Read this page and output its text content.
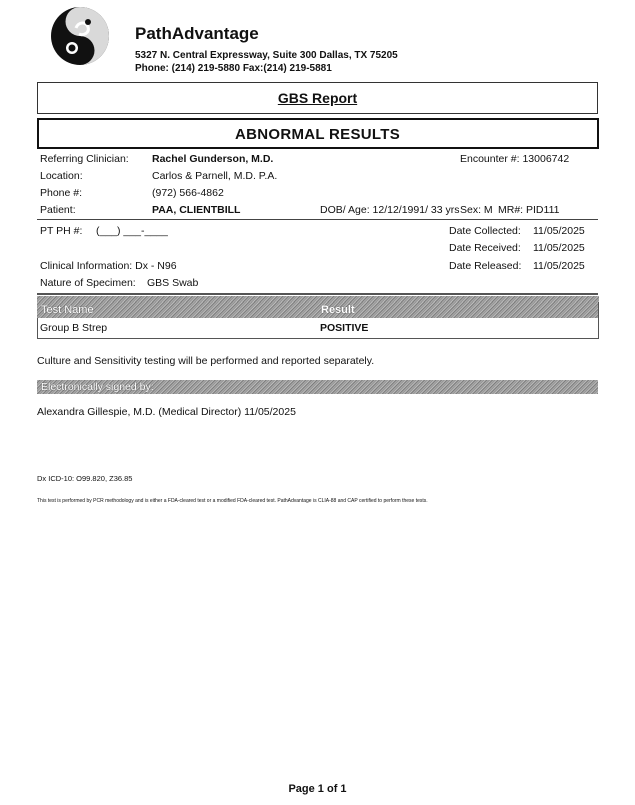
PathAdvantage
5327 N. Central Expressway, Suite 300 Dallas, TX 75205
Phone: (214) 219-5880 Fax:(214) 219-5881
GBS Report
ABNORMAL RESULTS
Referring Clinician: Rachel Gunderson, M.D.	Encounter #: 13006742
Location:	Carlos & Parnell, M.D. P.A.
Phone #:	(972) 566-4862
Patient:	PAA, CLIENTBILL	DOB/ Age: 12/12/1991/ 33 yrs Sex: M MR#: PID111
PT PH #: (___) ___-____	Date Collected: 11/05/2025
Date Received: 11/05/2025
Clinical Information: Dx - N96	Date Released: 11/05/2025
Nature of Specimen: GBS Swab
Test Name	Result
Group B Strep	POSITIVE
Culture and Sensitivity testing will be performed and reported separately.
Electronically signed by:
Alexandra Gillespie, M.D. (Medical Director) 11/05/2025
Dx ICD-10: O99.820, Z36.85
This test is performed by PCR methodology and is either a FDA-cleared test or a modified FDA-cleared test. PathAdvantage is CLIA-88 and CAP certified to perform these tests.
Page 1 of 1
